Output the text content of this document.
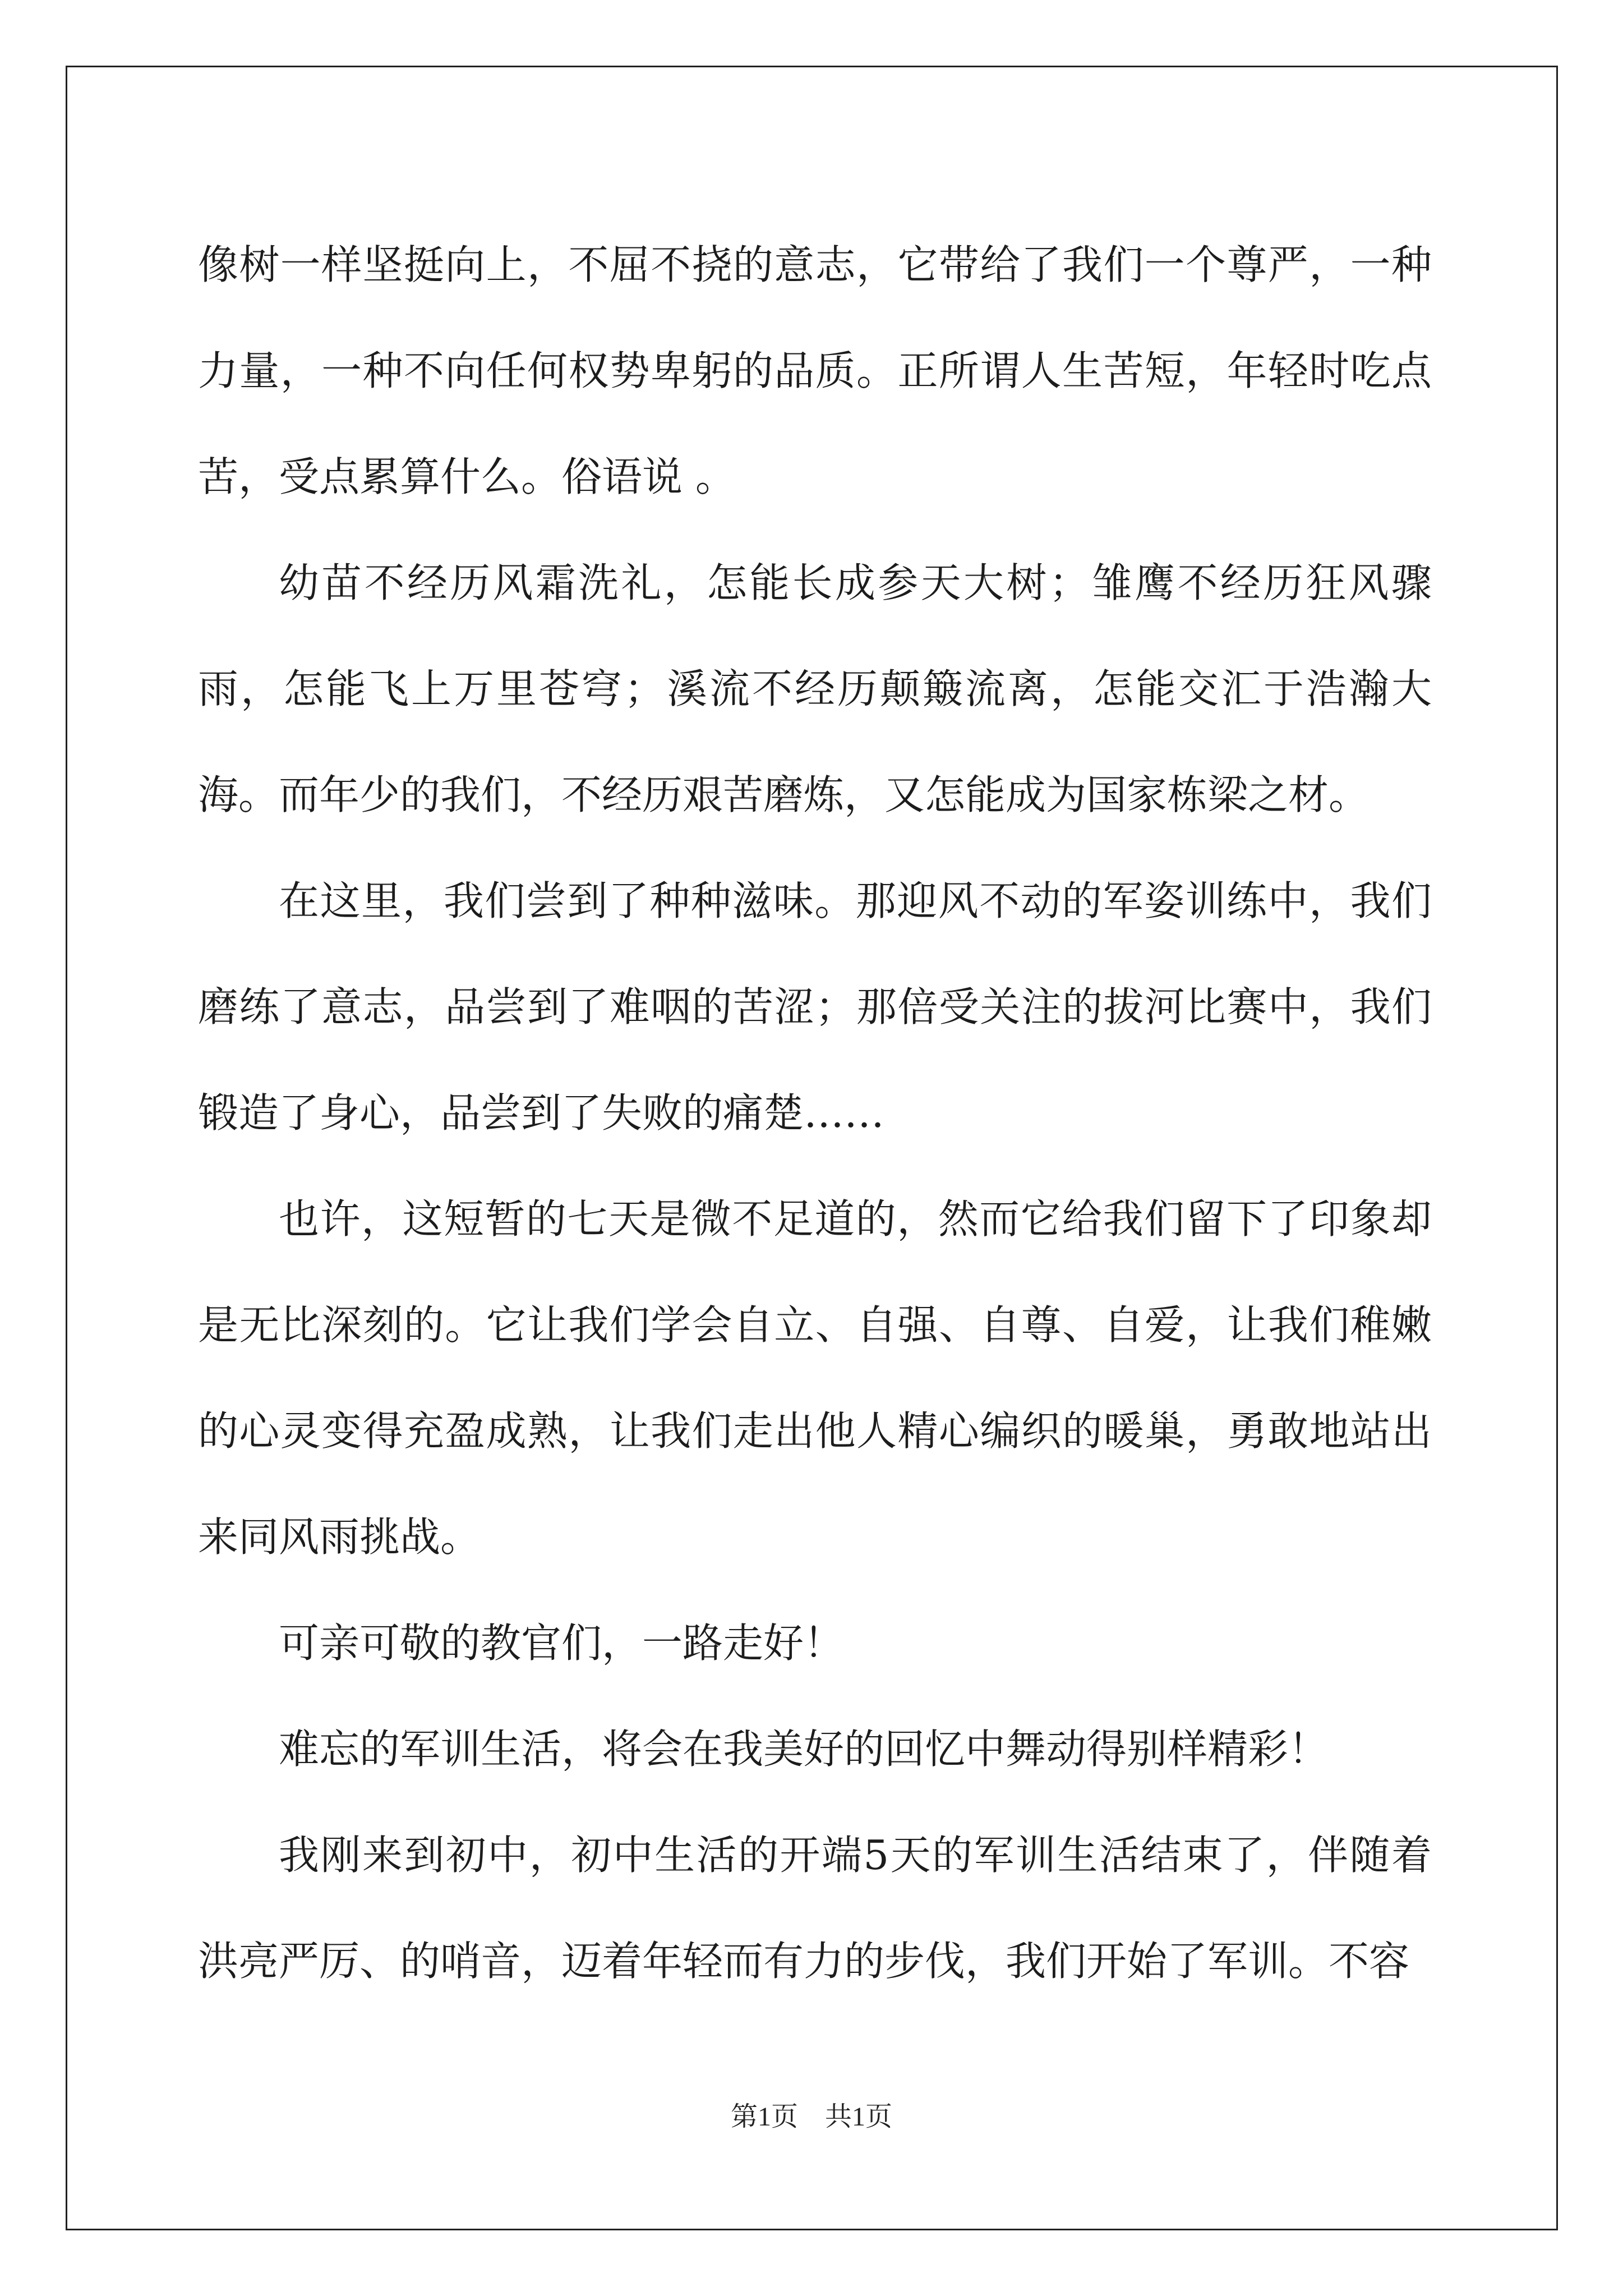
像树一样坚挺向上，不屈不挠的意志，它带给了我们一个尊严，一种力量，一种不向任何权势卑躬的品质。正所谓人生苦短，年轻时吃点苦，受点累算什么。俗语说 。

幼苗不经历风霜洗礼，怎能长成参天大树；雏鹰不经历狂风骤雨，怎能飞上万里苍穹；溪流不经历颠簸流离，怎能交汇于浩瀚大海。而年少的我们，不经历艰苦磨炼，又怎能成为国家栋梁之材。

在这里，我们尝到了种种滋味。那迎风不动的军姿训练中，我们磨练了意志，品尝到了难咽的苦涩；那倍受关注的拔河比赛中，我们锻造了身心，品尝到了失败的痛楚……

也许，这短暂的七天是微不足道的，然而它给我们留下了印象却是无比深刻的。它让我们学会自立、自强、自尊、自爱，让我们稚嫩的心灵变得充盈成熟，让我们走出他人精心编织的暖巢，勇敢地站出来同风雨挑战。

可亲可敬的教官们，一路走好！

难忘的军训生活，将会在我美好的回忆中舞动得别样精彩！

我刚来到初中，初中生活的开端5天的军训生活结束了，伴随着洪亮严厉、的哨音，迈着年轻而有力的步伐，我们开始了军训。不容

第1页　共1页
